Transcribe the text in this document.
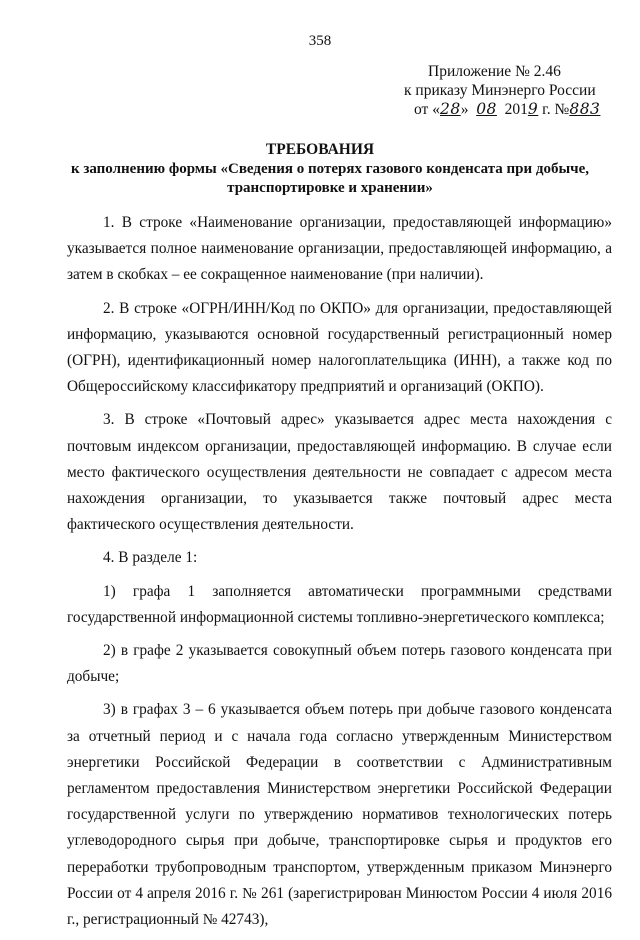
358
Приложение № 2.46
к приказу Минэнерго России
от «28» 08 2019 г. №883
ТРЕБОВАНИЯ
к заполнению формы «Сведения о потерях газового конденсата при добыче, транспортировке и хранении»

1. В строке «Наименование организации, предоставляющей информацию» указывается полное наименование организации, предоставляющей информацию, а затем в скобках – ее сокращенное наименование (при наличии).

2. В строке «ОГРН/ИНН/Код по ОКПО» для организации, предоставляющей информацию, указываются основной государственный регистрационный номер (ОГРН), идентификационный номер налогоплательщика (ИНН), а также код по Общероссийскому классификатору предприятий и организаций (ОКПО).

3. В строке «Почтовый адрес» указывается адрес места нахождения с почтовым индексом организации, предоставляющей информацию. В случае если место фактического осуществления деятельности не совпадает с адресом места нахождения организации, то указывается также почтовый адрес места фактического осуществления деятельности.

4. В разделе 1:

1) графа 1 заполняется автоматически программными средствами государственной информационной системы топливно-энергетического комплекса;

2) в графе 2 указывается совокупный объем потерь газового конденсата при добыче;

3) в графах 3 – 6 указывается объем потерь при добыче газового конденсата за отчетный период и с начала года согласно утвержденным Министерством энергетики Российской Федерации в соответствии с Административным регламентом предоставления Министерством энергетики Российской Федерации государственной услуги по утверждению нормативов технологических потерь углеводородного сырья при добыче, транспортировке сырья и продуктов его переработки трубопроводным транспортом, утвержденным приказом Минэнерго России от 4 апреля 2016 г. № 261 (зарегистрирован Минюстом России 4 июля 2016 г., регистрационный № 42743),
